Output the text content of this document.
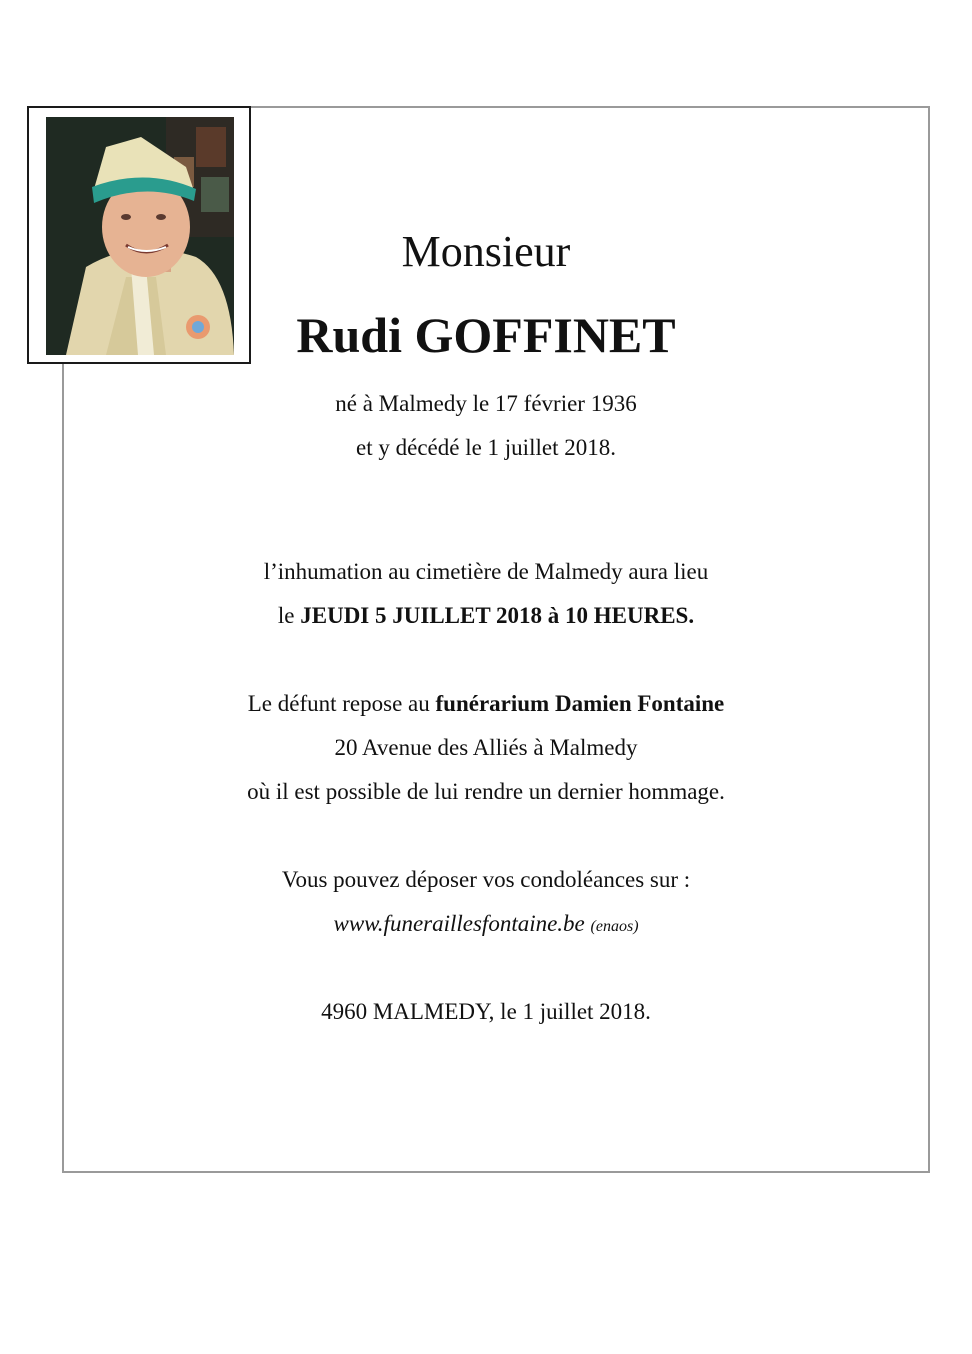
Monsieur
Rudi GOFFINET

né à Malmedy le 17 février 1936

et y décédé le 1 juillet 2018.

l’inhumation au cimetière de Malmedy aura lieu

le JEUDI 5 JUILLET 2018 à 10 HEURES.

Le défunt repose au funérarium Damien Fontaine

20 Avenue des Alliés à Malmedy

où il est possible de lui rendre un dernier hommage.

Vous pouvez déposer vos condoléances sur :

www.funeraillesfontaine.be (enaos)

4960 MALMEDY, le 1 juillet 2018.
